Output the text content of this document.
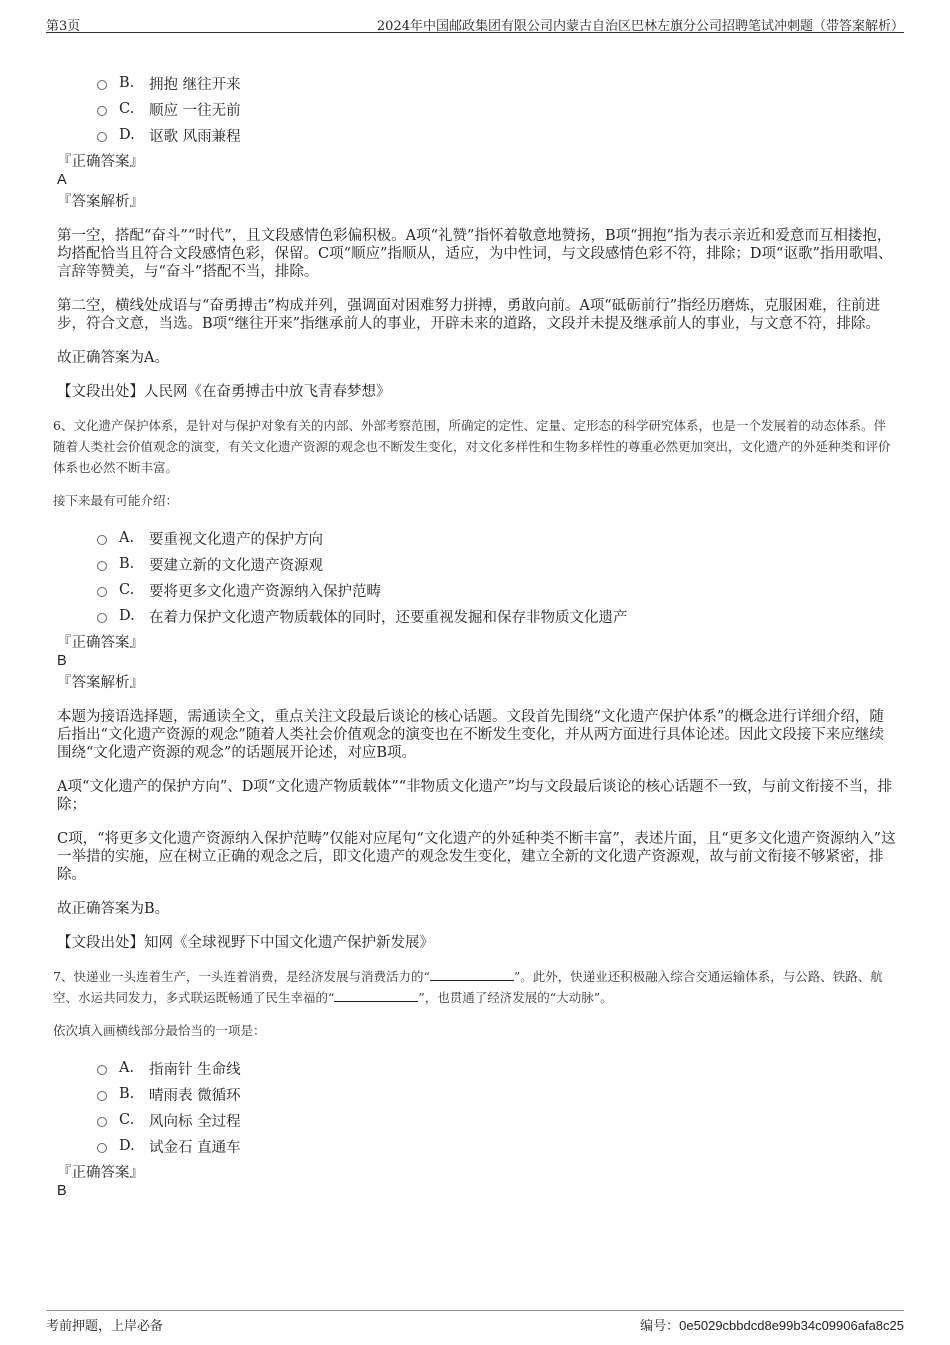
第3页	2024年中国邮政集团有限公司内蒙古自治区巴林左旗分公司招聘笔试冲刺题（带答案解析）
B.	拥抱 继往开来
C.	顺应 一往无前
D. 讴歌 风雨兼程
『正确答案』
A
『答案解析』

第一空，搭配“奋斗”“时代”，且文段感情色彩偏积极。A项“礼赞”指怀着敬意地赞扬，B项“拥抱”指为表示亲近和爱意而互相搂抱，均搭配恰当且符合文段感情色彩，保留。C项“顺应”指顺从，适应，为中性词，与文段感情色彩不符，排除；D项“讴歌”指用歌唱、言辞等赞美，与“奋斗”搭配不当，排除。

第二空，横线处成语与“奋勇搏击”构成并列，强调面对困难努力拼搏，勇敢向前。A项“砥砺前行”指经历磨炼，克服困难，往前进步，符合文意，当选。B项“继往开来”指继承前人的事业，开辟未来的道路，文段并未提及继承前人的事业，与文意不符，排除。

故正确答案为A。

【文段出处】人民网《在奋勇搏击中放飞青春梦想》

6、文化遗产保护体系，是针对与保护对象有关的内部、外部考察范围，所确定的定性、定量、定形态的科学研究体系，也是一个发展着的动态体系。伴随着人类社会价值观念的演变，有关文化遗产资源的观念也不断发生变化，对文化多样性和生物多样性的尊重必然更加突出，文化遗产的外延种类和评价体系也必然不断丰富。

接下来最有可能介绍：

A.	要重视文化遗产的保护方向
B.	要建立新的文化遗产资源观
C.	要将更多文化遗产资源纳入保护范畴
D. 在着力保护文化遗产物质载体的同时，还要重视发掘和保存非物质文化遗产
『正确答案』
B
『答案解析』

本题为接语选择题，需通读全文，重点关注文段最后谈论的核心话题。文段首先围绕“文化遗产保护体系”的概念进行详细介绍，随后指出“文化遗产资源的观念”随着人类社会价值观念的演变也在不断发生变化，并从两方面进行具体论述。因此文段接下来应继续围绕“文化遗产资源的观念”的话题展开论述，对应B项。

A项“文化遗产的保护方向”、D项“文化遗产物质载体”“非物质文化遗产”均与文段最后谈论的核心话题不一致，与前文衔接不当，排除；

C项，“将更多文化遗产资源纳入保护范畴”仅能对应尾句“文化遗产的外延种类不断丰富”，表述片面，且“更多文化遗产资源纳入”这一举措的实施，应在树立正确的观念之后，即文化遗产的观念发生变化，建立全新的文化遗产资源观，故与前文衔接不够紧密，排除。

故正确答案为B。

【文段出处】知网《全球视野下中国文化遗产保护新发展》

7、快递业一头连着生产，一头连着消费，是经济发展与消费活力的“	”。此外，快递业还积极融入综合交通运输体系，与公路、铁路、航空、水运共同发力，多式联运既畅通了民生幸福的“	”，也贯通了经济发展的“大动脉”。

依次填入画横线部分最恰当的一项是：

A.	指南针 生命线
B.	晴雨表 微循环
C.	风向标 全过程
D. 试金石 直通车
『正确答案』
B
考前押题，上岸必备	编号：0e5029cbbdcd8e99b34c09906afa8c25
